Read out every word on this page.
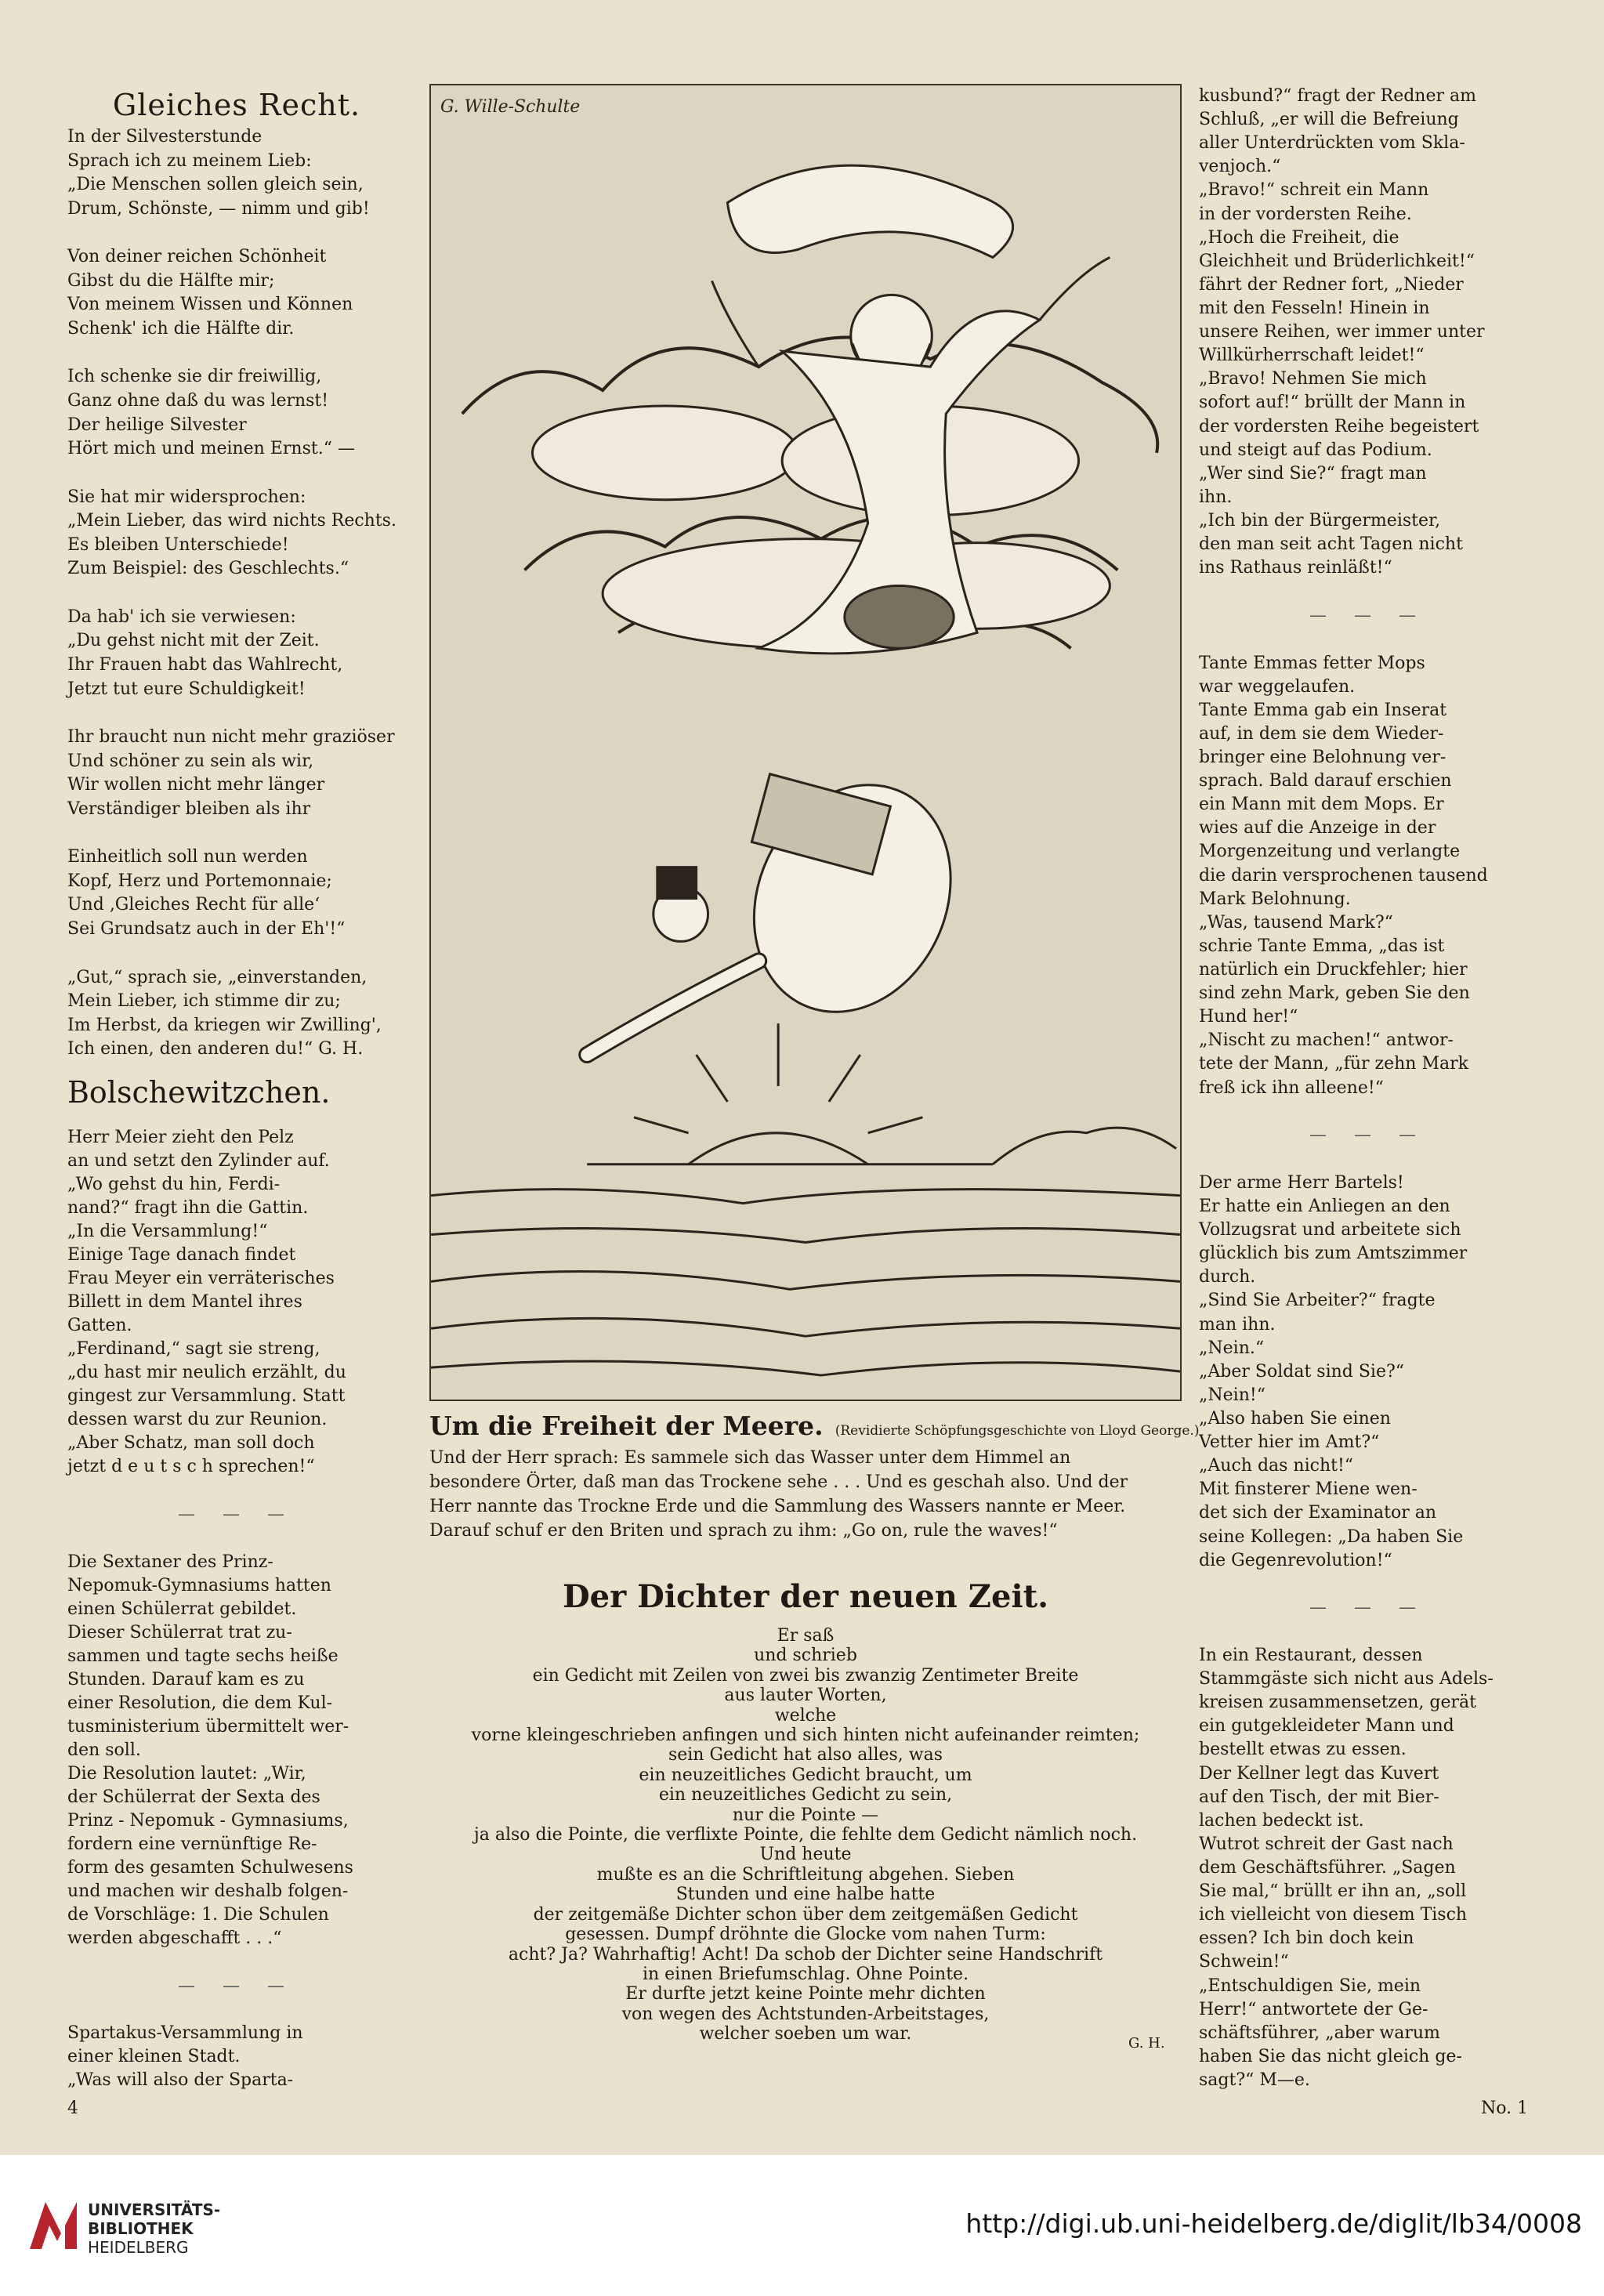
Gleiches Recht.

In der Silvesterstunde

Sprach ich zu meinem Lieb:

„Die Menschen sollen gleich sein,

Drum, Schönste, — nimm und gib!

Von deiner reichen Schönheit

Gibst du die Hälfte mir;

Von meinem Wissen und Können

Schenk' ich die Hälfte dir.

Ich schenke sie dir freiwillig,

Ganz ohne daß du was lernst!

Der heilige Silvester

Hört mich und meinen Ernst.“ —

Sie hat mir widersprochen:

„Mein Lieber, das wird nichts Rechts.

Es bleiben Unterschiede!

Zum Beispiel: des Geschlechts.“

Da hab' ich sie verwiesen:

„Du gehst nicht mit der Zeit.

Ihr Frauen habt das Wahlrecht,

Jetzt tut eure Schuldigkeit!

Ihr braucht nun nicht mehr graziöser

Und schöner zu sein als wir,

Wir wollen nicht mehr länger

Verständiger bleiben als ihr

Einheitlich soll nun werden

Kopf, Herz und Portemonnaie;

Und ‚Gleiches Recht für alle‘

Sei Grundsatz auch in der Eh'!“

„Gut,“ sprach sie, „einverstanden,

Mein Lieber, ich stimme dir zu;

Im Herbst, da kriegen wir Zwilling',

Ich einen, den anderen du!“ G. H.

Bolschewitzchen.

Herr Meier zieht den Pelz

an und setzt den Zylinder auf.

„Wo gehst du hin, Ferdi-

nand?“ fragt ihn die Gattin.

„In die Versammlung!“

Einige Tage danach findet

Frau Meyer ein verräterisches

Billett in dem Mantel ihres

Gatten.

„Ferdinand,“ sagt sie streng,

„du hast mir neulich erzählt, du

gingest zur Versammlung. Statt

dessen warst du zur Reunion.

„Aber Schatz, man soll doch

jetzt d e u t s c h sprechen!“

— — —

Die Sextaner des Prinz-

Nepomuk-Gymnasiums hatten

einen Schülerrat gebildet.

Dieser Schülerrat trat zu-

sammen und tagte sechs heiße

Stunden. Darauf kam es zu

einer Resolution, die dem Kul-

tusministerium übermittelt wer-

den soll.

Die Resolution lautet: „Wir,

der Schülerrat der Sexta des

Prinz - Nepomuk - Gymnasiums,

fordern eine vernünftige Re-

form des gesamten Schulwesens

und machen wir deshalb folgen-

de Vorschläge: 1. Die Schulen

werden abgeschafft . . .“

— — —

Spartakus-Versammlung in

einer kleinen Stadt.

„Was will also der Sparta-

G. Wille-Schulte
Um die Freiheit der Meere. (Revidierte Schöpfungsgeschichte von Lloyd George.)

Und der Herr sprach: Es sammele sich das Wasser unter dem Himmel an

besondere Örter, daß man das Trockene sehe . . . Und es geschah also. Und der

Herr nannte das Trockne Erde und die Sammlung des Wassers nannte er Meer.

Darauf schuf er den Briten und sprach zu ihm: „Go on, rule the waves!“

Der Dichter der neuen Zeit.

Er saß

und schrieb

ein Gedicht mit Zeilen von zwei bis zwanzig Zentimeter Breite

aus lauter Worten,

welche

vorne kleingeschrieben anfingen und sich hinten nicht aufeinander reimten;

sein Gedicht hat also alles, was

ein neuzeitliches Gedicht braucht, um

ein neuzeitliches Gedicht zu sein,

nur die Pointe —

ja also die Pointe, die verflixte Pointe, die fehlte dem Gedicht nämlich noch.

Und heute

mußte es an die Schriftleitung abgehen. Sieben

Stunden und eine halbe hatte

der zeitgemäße Dichter schon über dem zeitgemäßen Gedicht

gesessen. Dumpf dröhnte die Glocke vom nahen Turm:

acht? Ja? Wahrhaftig! Acht! Da schob der Dichter seine Handschrift

in einen Briefumschlag. Ohne Pointe.

Er durfte jetzt keine Pointe mehr dichten

von wegen des Achtstunden-Arbeitstages,

welcher soeben um war.	G. H.

kusbund?“ fragt der Redner am

Schluß, „er will die Befreiung

aller Unterdrückten vom Skla-

venjoch.“

„Bravo!“ schreit ein Mann

in der vordersten Reihe.

„Hoch die Freiheit, die

Gleichheit und Brüderlichkeit!“

fährt der Redner fort, „Nieder

mit den Fesseln! Hinein in

unsere Reihen, wer immer unter

Willkürherrschaft leidet!“

„Bravo! Nehmen Sie mich

sofort auf!“ brüllt der Mann in

der vordersten Reihe begeistert

und steigt auf das Podium.

„Wer sind Sie?“ fragt man

ihn.

„Ich bin der Bürgermeister,

den man seit acht Tagen nicht

ins Rathaus reinläßt!“

— — —

Tante Emmas fetter Mops

war weggelaufen.

Tante Emma gab ein Inserat

auf, in dem sie dem Wieder-

bringer eine Belohnung ver-

sprach. Bald darauf erschien

ein Mann mit dem Mops. Er

wies auf die Anzeige in der

Morgenzeitung und verlangte

die darin versprochenen tausend

Mark Belohnung.

„Was, tausend Mark?“

schrie Tante Emma, „das ist

natürlich ein Druckfehler; hier

sind zehn Mark, geben Sie den

Hund her!“

„Nischt zu machen!“ antwor-

tete der Mann, „für zehn Mark

freß ick ihn alleene!“

— — —

Der arme Herr Bartels!

Er hatte ein Anliegen an den

Vollzugsrat und arbeitete sich

glücklich bis zum Amtszimmer

durch.

„Sind Sie Arbeiter?“ fragte

man ihn.

„Nein.“

„Aber Soldat sind Sie?“

„Nein!“

„Also haben Sie einen

Vetter hier im Amt?“

„Auch das nicht!“

Mit finsterer Miene wen-

det sich der Examinator an

seine Kollegen: „Da haben Sie

die Gegenrevolution!“

— — —

In ein Restaurant, dessen

Stammgäste sich nicht aus Adels-

kreisen zusammensetzen, gerät

ein gutgekleideter Mann und

bestellt etwas zu essen.

Der Kellner legt das Kuvert

auf den Tisch, der mit Bier-

lachen bedeckt ist.

Wutrot schreit der Gast nach

dem Geschäftsführer. „Sagen

Sie mal,“ brüllt er ihn an, „soll

ich vielleicht von diesem Tisch

essen? Ich bin doch kein

Schwein!“

„Entschuldigen Sie, mein

Herr!“ antwortete der Ge-

schäftsführer, „aber warum

haben Sie das nicht gleich ge-

sagt?“ M—e.

4	No. 1
UNIVERSITÄTS-
BIBLIOTHEK
HEIDELBERG
http://digi.ub.uni-heidelberg.de/diglit/lb34/0008
